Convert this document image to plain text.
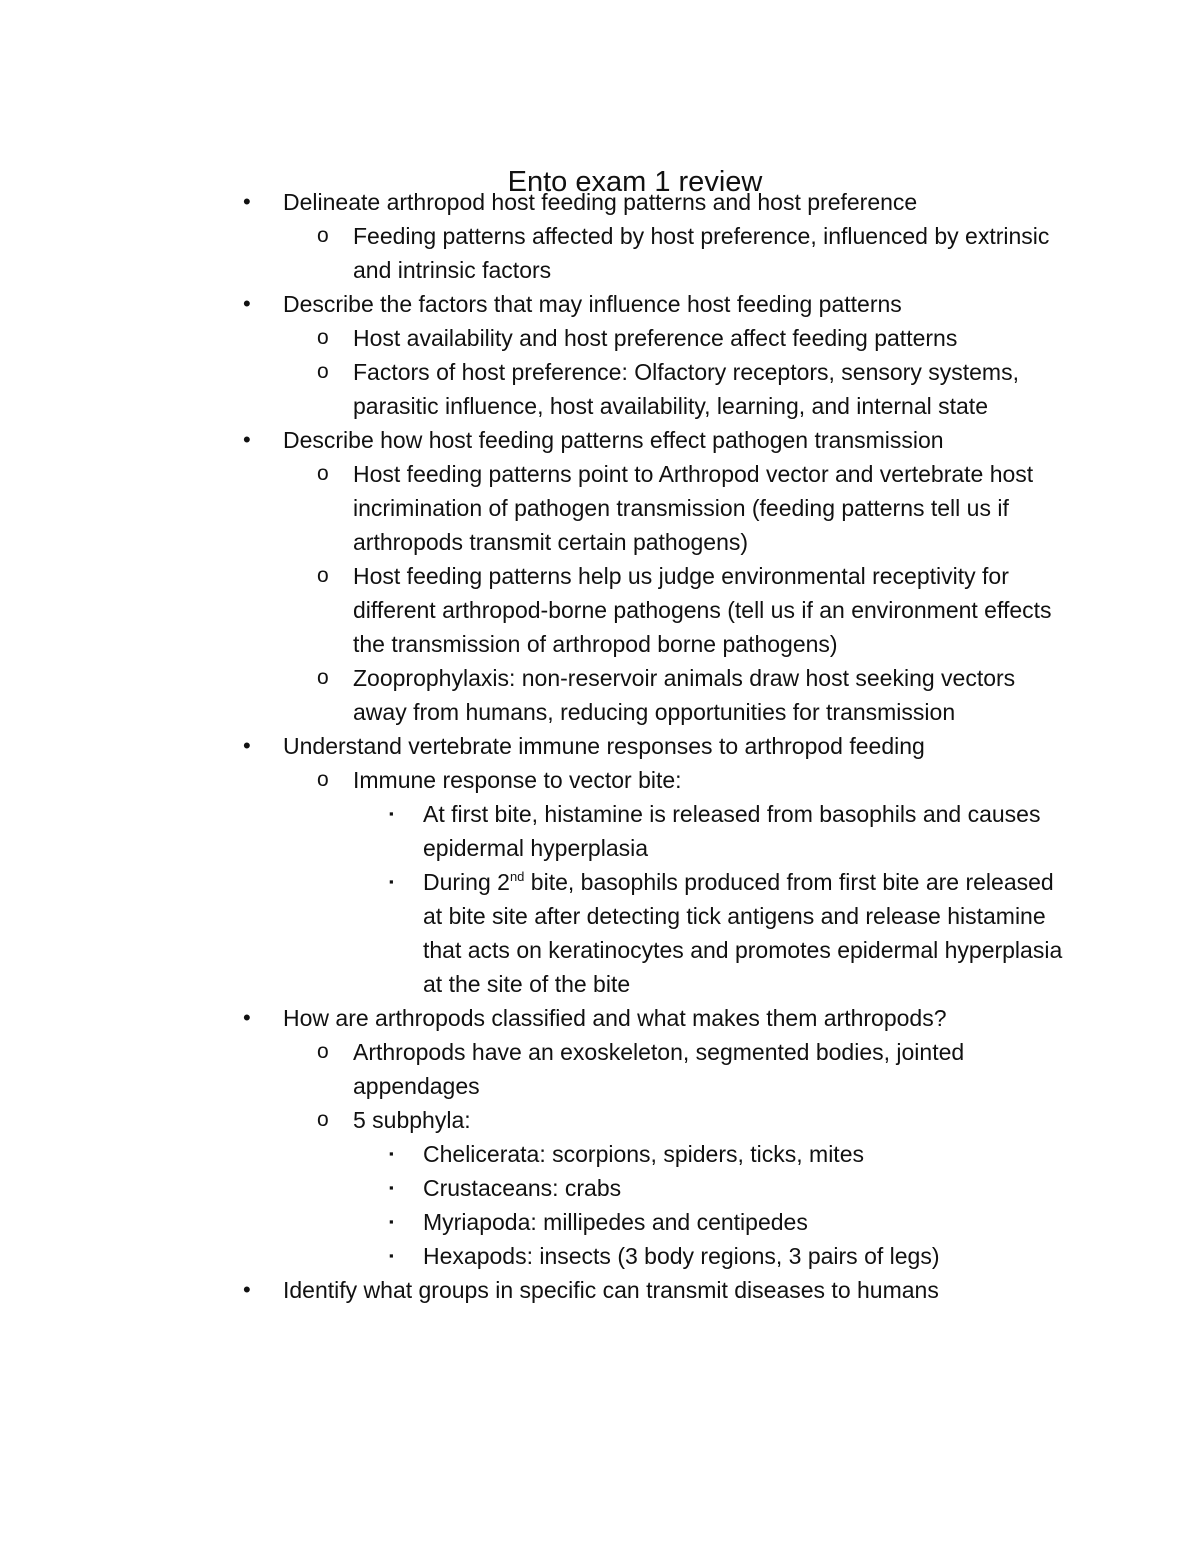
Ento exam 1 review
• Delineate arthropod host feeding patterns and host preference
o Feeding patterns affected by host preference, influenced by extrinsic and intrinsic factors
• Describe the factors that may influence host feeding patterns
o Host availability and host preference affect feeding patterns
o Factors of host preference: Olfactory receptors, sensory systems, parasitic influence, host availability, learning, and internal state
• Describe how host feeding patterns effect pathogen transmission
o Host feeding patterns point to Arthropod vector and vertebrate host incrimination of pathogen transmission (feeding patterns tell us if arthropods transmit certain pathogens)
o Host feeding patterns help us judge environmental receptivity for different arthropod-borne pathogens (tell us if an environment effects the transmission of arthropod borne pathogens)
o Zooprophylaxis: non-reservoir animals draw host seeking vectors away from humans, reducing opportunities for transmission
• Understand vertebrate immune responses to arthropod feeding
o Immune response to vector bite:
▪ At first bite, histamine is released from basophils and causes epidermal hyperplasia
▪ During 2nd bite, basophils produced from first bite are released at bite site after detecting tick antigens and release histamine that acts on keratinocytes and promotes epidermal hyperplasia at the site of the bite
• How are arthropods classified and what makes them arthropods?
o Arthropods have an exoskeleton, segmented bodies, jointed appendages
o 5 subphyla:
▪ Chelicerata: scorpions, spiders, ticks, mites
▪ Crustaceans: crabs
▪ Myriapoda: millipedes and centipedes
▪ Hexapods: insects (3 body regions, 3 pairs of legs)
• Identify what groups in specific can transmit diseases to humans
